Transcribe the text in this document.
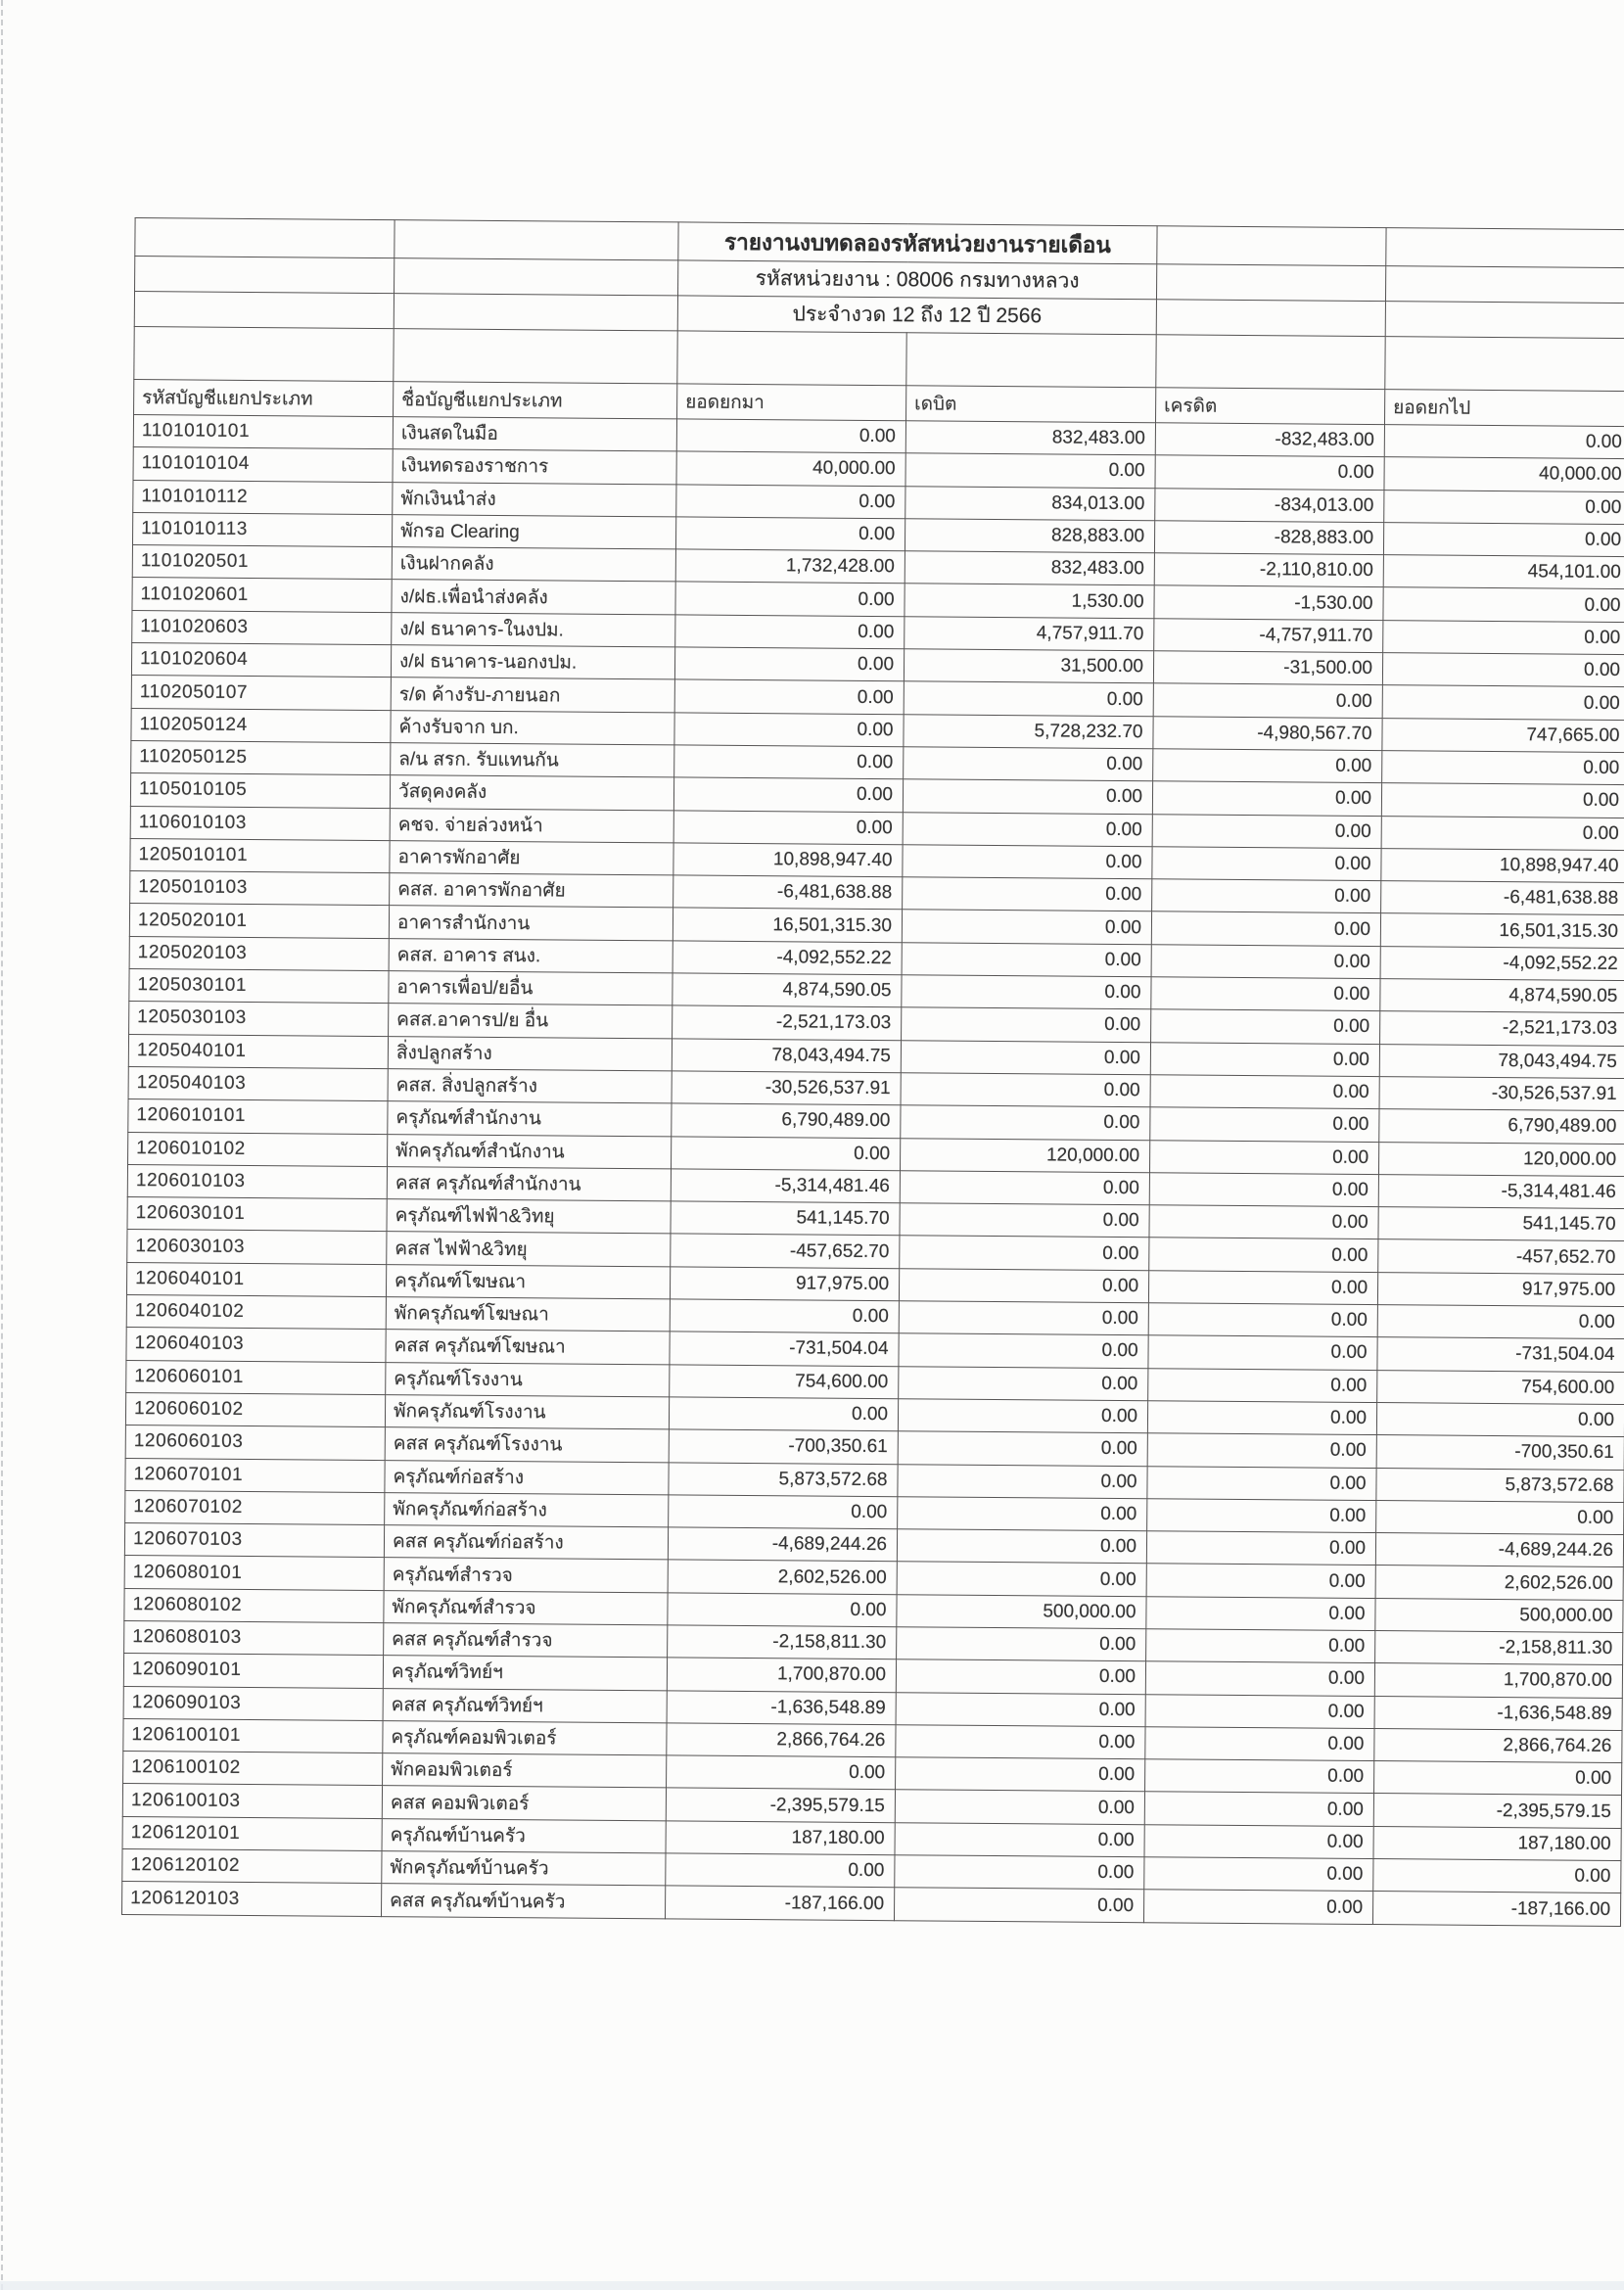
		รายงานงบทดลองรหัสหน่วยงานรายเดือน			
		รหัสหน่วยงาน : 08006 กรมทางหลวง			
		ประจำงวด 12 ถึง 12 ปี 2566			

รหัสบัญชีแยกประเภท	ชื่อบัญชีแยกประเภท	ยอดยกมา	เดบิต	เครดิต	ยอดยกไป
1101010101	เงินสดในมือ	0.00	832,483.00	-832,483.00	0.00
1101010104	เงินทดรองราชการ	40,000.00	0.00	0.00	40,000.00
1101010112	พักเงินนำส่ง	0.00	834,013.00	-834,013.00	0.00
1101010113	พักรอ Clearing	0.00	828,883.00	-828,883.00	0.00
1101020501	เงินฝากคลัง	1,732,428.00	832,483.00	-2,110,810.00	454,101.00
1101020601	ง/ฝธ.เพื่อนำส่งคลัง	0.00	1,530.00	-1,530.00	0.00
1101020603	ง/ฝ ธนาคาร-ในงปม.	0.00	4,757,911.70	-4,757,911.70	0.00
1101020604	ง/ฝ ธนาคาร-นอกงปม.	0.00	31,500.00	-31,500.00	0.00
1102050107	ร/ด ค้างรับ-ภายนอก	0.00	0.00	0.00	0.00
1102050124	ค้างรับจาก บก.	0.00	5,728,232.70	-4,980,567.70	747,665.00
1102050125	ล/น สรก. รับแทนกัน	0.00	0.00	0.00	0.00
1105010105	วัสดุคงคลัง	0.00	0.00	0.00	0.00
1106010103	คชจ. จ่ายล่วงหน้า	0.00	0.00	0.00	0.00
1205010101	อาคารพักอาศัย	10,898,947.40	0.00	0.00	10,898,947.40
1205010103	คสส. อาคารพักอาศัย	-6,481,638.88	0.00	0.00	-6,481,638.88
1205020101	อาคารสำนักงาน	16,501,315.30	0.00	0.00	16,501,315.30
1205020103	คสส. อาคาร สนง.	-4,092,552.22	0.00	0.00	-4,092,552.22
1205030101	อาคารเพื่อป/ยอื่น	4,874,590.05	0.00	0.00	4,874,590.05
1205030103	คสส.อาคารป/ย อื่น	-2,521,173.03	0.00	0.00	-2,521,173.03
1205040101	สิ่งปลูกสร้าง	78,043,494.75	0.00	0.00	78,043,494.75
1205040103	คสส. สิ่งปลูกสร้าง	-30,526,537.91	0.00	0.00	-30,526,537.91
1206010101	ครุภัณฑ์สำนักงาน	6,790,489.00	0.00	0.00	6,790,489.00
1206010102	พักครุภัณฑ์สำนักงาน	0.00	120,000.00	0.00	120,000.00
1206010103	คสส ครุภัณฑ์สำนักงาน	-5,314,481.46	0.00	0.00	-5,314,481.46
1206030101	ครุภัณฑ์ไฟฟ้า&วิทยุ	541,145.70	0.00	0.00	541,145.70
1206030103	คสส ไฟฟ้า&วิทยุ	-457,652.70	0.00	0.00	-457,652.70
1206040101	ครุภัณฑ์โฆษณา	917,975.00	0.00	0.00	917,975.00
1206040102	พักครุภัณฑ์โฆษณา	0.00	0.00	0.00	0.00
1206040103	คสส ครุภัณฑ์โฆษณา	-731,504.04	0.00	0.00	-731,504.04
1206060101	ครุภัณฑ์โรงงาน	754,600.00	0.00	0.00	754,600.00
1206060102	พักครุภัณฑ์โรงงาน	0.00	0.00	0.00	0.00
1206060103	คสส ครุภัณฑ์โรงงาน	-700,350.61	0.00	0.00	-700,350.61
1206070101	ครุภัณฑ์ก่อสร้าง	5,873,572.68	0.00	0.00	5,873,572.68
1206070102	พักครุภัณฑ์ก่อสร้าง	0.00	0.00	0.00	0.00
1206070103	คสส ครุภัณฑ์ก่อสร้าง	-4,689,244.26	0.00	0.00	-4,689,244.26
1206080101	ครุภัณฑ์สำรวจ	2,602,526.00	0.00	0.00	2,602,526.00
1206080102	พักครุภัณฑ์สำรวจ	0.00	500,000.00	0.00	500,000.00
1206080103	คสส ครุภัณฑ์สำรวจ	-2,158,811.30	0.00	0.00	-2,158,811.30
1206090101	ครุภัณฑ์วิทย์ฯ	1,700,870.00	0.00	0.00	1,700,870.00
1206090103	คสส ครุภัณฑ์วิทย์ฯ	-1,636,548.89	0.00	0.00	-1,636,548.89
1206100101	ครุภัณฑ์คอมพิวเตอร์	2,866,764.26	0.00	0.00	2,866,764.26
1206100102	พักคอมพิวเตอร์	0.00	0.00	0.00	0.00
1206100103	คสส คอมพิวเตอร์	-2,395,579.15	0.00	0.00	-2,395,579.15
1206120101	ครุภัณฑ์บ้านครัว	187,180.00	0.00	0.00	187,180.00
1206120102	พักครุภัณฑ์บ้านครัว	0.00	0.00	0.00	0.00
1206120103	คสส ครุภัณฑ์บ้านครัว	-187,166.00	0.00	0.00	-187,166.00
